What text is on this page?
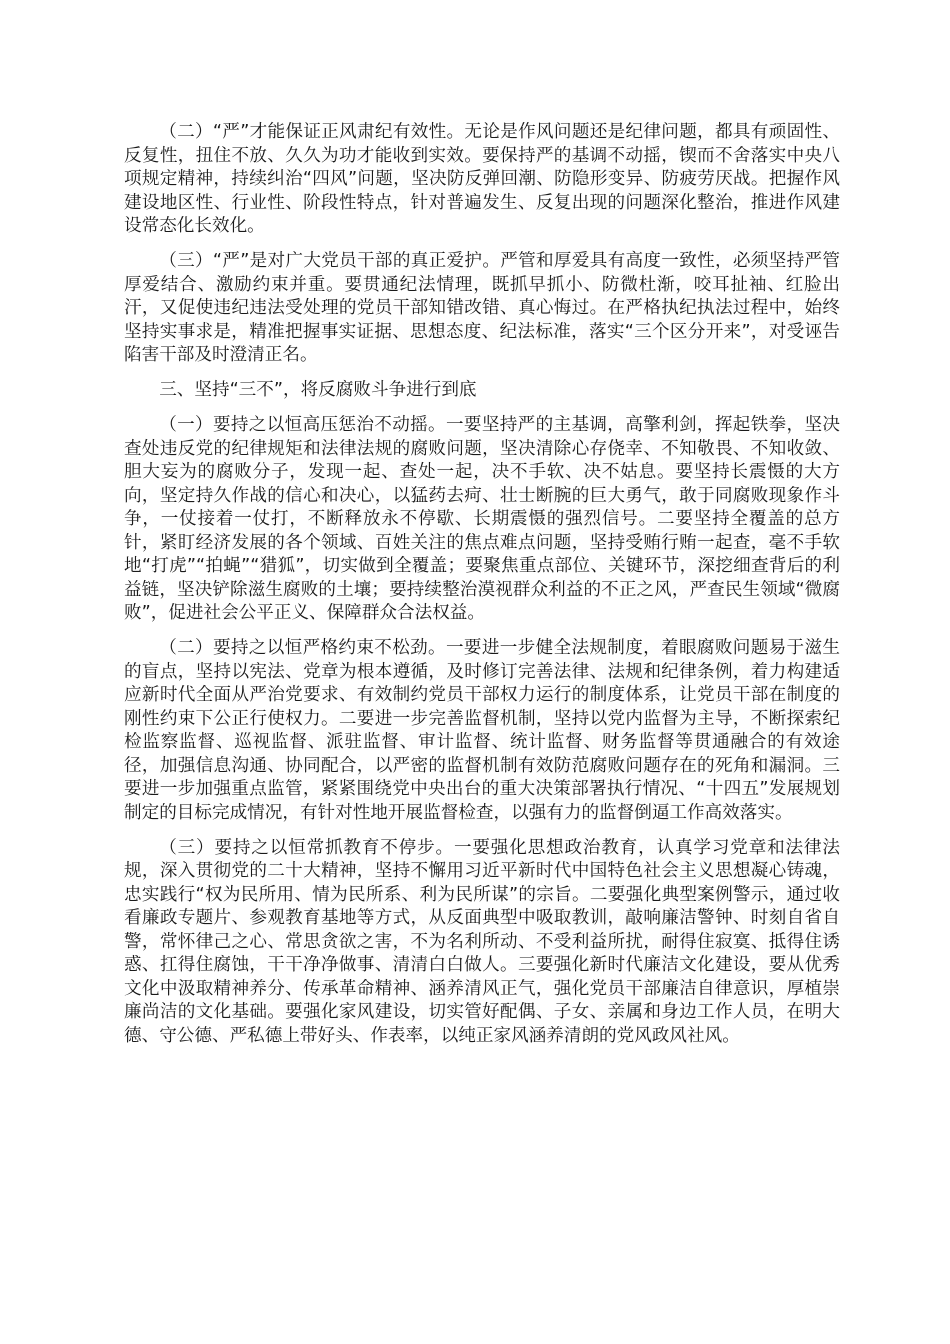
（二）“严”才能保证正风肃纪有效性。无论是作风问题还是纪律问题，都具有顽固性、反复性，扭住不放、久久为功才能收到实效。要保持严的基调不动摇，锲而不舍落实中央八项规定精神，持续纠治“四风”问题，坚决防反弹回潮、防隐形变异、防疲劳厌战。把握作风建设地区性、行业性、阶段性特点，针对普遍发生、反复出现的问题深化整治，推进作风建设常态化长效化。

（三）“严”是对广大党员干部的真正爱护。严管和厚爱具有高度一致性，必须坚持严管厚爱结合、激励约束并重。要贯通纪法情理，既抓早抓小、防微杜渐，咬耳扯袖、红脸出汗，又促使违纪违法受处理的党员干部知错改错、真心悔过。在严格执纪执法过程中，始终坚持实事求是，精准把握事实证据、思想态度、纪法标准，落实“三个区分开来”，对受诬告陷害干部及时澄清正名。

三、坚持“三不”，将反腐败斗争进行到底

（一）要持之以恒高压惩治不动摇。一要坚持严的主基调，高擎利剑，挥起铁拳，坚决查处违反党的纪律规矩和法律法规的腐败问题，坚决清除心存侥幸、不知敬畏、不知收敛、胆大妄为的腐败分子，发现一起、查处一起，决不手软、决不姑息。要坚持长震慑的大方向，坚定持久作战的信心和决心，以猛药去疴、壮士断腕的巨大勇气，敢于同腐败现象作斗争，一仗接着一仗打，不断释放永不停歇、长期震慑的强烈信号。二要坚持全覆盖的总方针，紧盯经济发展的各个领域、百姓关注的焦点难点问题，坚持受贿行贿一起查，毫不手软地“打虎”“拍蝇”“猎狐”，切实做到全覆盖；要聚焦重点部位、关键环节，深挖细查背后的利益链，坚决铲除滋生腐败的土壤；要持续整治漠视群众利益的不正之风，严查民生领域“微腐败”，促进社会公平正义、保障群众合法权益。

（二）要持之以恒严格约束不松劲。一要进一步健全法规制度，着眼腐败问题易于滋生的盲点，坚持以宪法、党章为根本遵循，及时修订完善法律、法规和纪律条例，着力构建适应新时代全面从严治党要求、有效制约党员干部权力运行的制度体系，让党员干部在制度的刚性约束下公正行使权力。二要进一步完善监督机制，坚持以党内监督为主导，不断探索纪检监察监督、巡视监督、派驻监督、审计监督、统计监督、财务监督等贯通融合的有效途径，加强信息沟通、协同配合，以严密的监督机制有效防范腐败问题存在的死角和漏洞。三要进一步加强重点监管，紧紧围绕党中央出台的重大决策部署执行情况、“十四五”发展规划制定的目标完成情况，有针对性地开展监督检查，以强有力的监督倒逼工作高效落实。

（三）要持之以恒常抓教育不停步。一要强化思想政治教育，认真学习党章和法律法规，深入贯彻党的二十大精神，坚持不懈用习近平新时代中国特色社会主义思想凝心铸魂，忠实践行“权为民所用、情为民所系、利为民所谋”的宗旨。二要强化典型案例警示，通过收看廉政专题片、参观教育基地等方式，从反面典型中吸取教训，敲响廉洁警钟、时刻自省自警，常怀律己之心、常思贪欲之害，不为名利所动、不受利益所扰，耐得住寂寞、抵得住诱惑、扛得住腐蚀，干干净净做事、清清白白做人。三要强化新时代廉洁文化建设，要从优秀文化中汲取精神养分、传承革命精神、涵养清风正气，强化党员干部廉洁自律意识，厚植崇廉尚洁的文化基础。要强化家风建设，切实管好配偶、子女、亲属和身边工作人员，在明大德、守公德、严私德上带好头、作表率，以纯正家风涵养清朗的党风政风社风。
